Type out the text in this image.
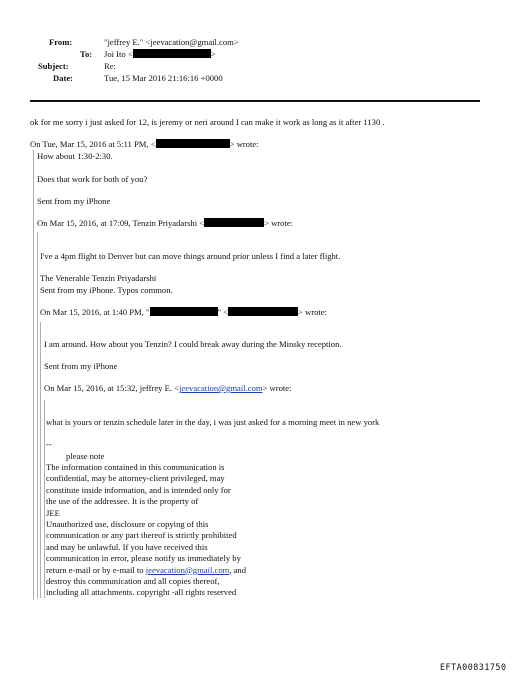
From:	"jeffrey E." <jeevacation@gmail.com>
To: Joi Ito <	>
Subject:	Re:
Date:	Tue, 15 Mar 2016 21:16:16 +0000
ok for me sorry i just asked for 12, is jeremy or neri around I can make it work as long as it after 1130 .
On Tue, Mar 15, 2016 at 5:11 PM, <	> wrote:
How about 1:30-2:30.
Does that work for both of you?
Sent from my iPhone
On Mar 15, 2016, at 17:09, Tenzin Priyadarshi <	> wrote:
I've a 4pm flight to Denver but can move things around prior unless I find a later flight.
The Venerable Tenzin Priyadarshi
Sent from my iPhone. Typos common.
On Mar 15, 2016, at 1:40 PM, "	" <	> wrote:
I am around. How about you Tenzin? I could break away during the Minsky reception.
Sent from my iPhone
On Mar 15, 2016, at 15:32, jeffrey E. <jeevacation@gmail.com> wrote:
what is yours or tenzin schedule later in the day, i was just asked for a morning meet in new york
--
please note
The information contained in this communication is
confidential, may be attorney-client privileged, may
constitute inside information, and is intended only for
the use of the addressee. It is the property of
JEE
Unauthorized use, disclosure or copying of this
communication or any part thereof is strictly prohibited
and may be unlawful. If you have received this
communication in error, please notify us immediately by
return e-mail or by e-mail to jeevacation@gmail.com, and
destroy this communication and all copies thereof,
including all attachments. copyright -all rights reserved
EFTA00831750
